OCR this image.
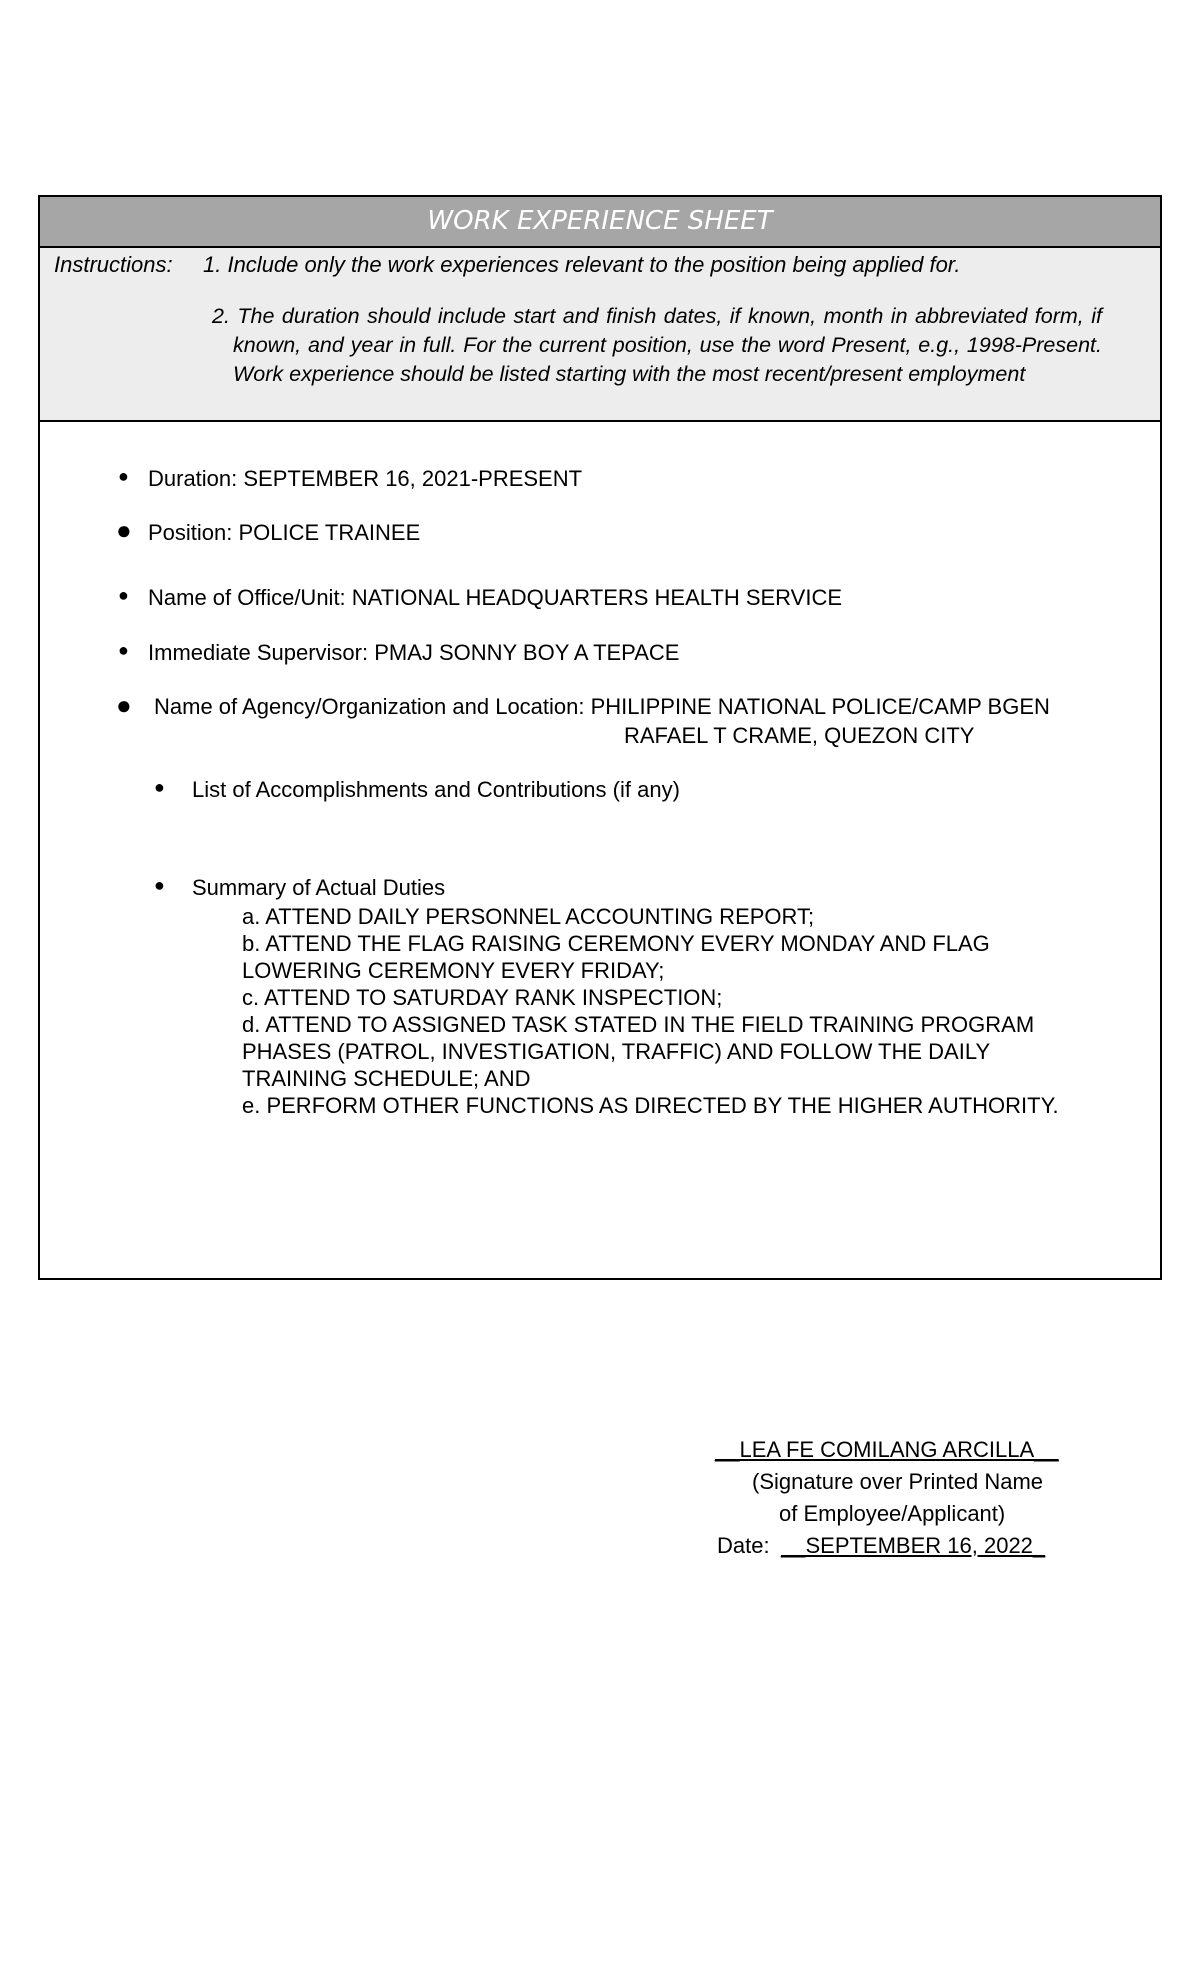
WORK EXPERIENCE SHEET
Instructions: 1. Include only the work experiences relevant to the position being applied for.
2. The duration should include start and finish dates, if known, month in abbreviated form, if known, and year in full. For the current position, use the word Present, e.g., 1998-Present. Work experience should be listed starting with the most recent/present employment
● Duration: SEPTEMBER 16, 2021-PRESENT
● Position: POLICE TRAINEE
● Name of Office/Unit: NATIONAL HEADQUARTERS HEALTH SERVICE
● Immediate Supervisor: PMAJ SONNY BOY A TEPACE
● Name of Agency/Organization and Location: PHILIPPINE NATIONAL POLICE/CAMP BGEN
RAFAEL T CRAME, QUEZON CITY
● List of Accomplishments and Contributions (if any)
● Summary of Actual Duties
a. ATTEND DAILY PERSONNEL ACCOUNTING REPORT;
b. ATTEND THE FLAG RAISING CEREMONY EVERY MONDAY AND FLAG
LOWERING CEREMONY EVERY FRIDAY;
c. ATTEND TO SATURDAY RANK INSPECTION;
d. ATTEND TO ASSIGNED TASK STATED IN THE FIELD TRAINING PROGRAM
PHASES (PATROL, INVESTIGATION, TRAFFIC) AND FOLLOW THE DAILY
TRAINING SCHEDULE; AND
e. PERFORM OTHER FUNCTIONS AS DIRECTED BY THE HIGHER AUTHORITY.
__LEA FE COMILANG ARCILLA__
(Signature over Printed Name
of Employee/Applicant)
Date: __SEPTEMBER 16, 2022_
